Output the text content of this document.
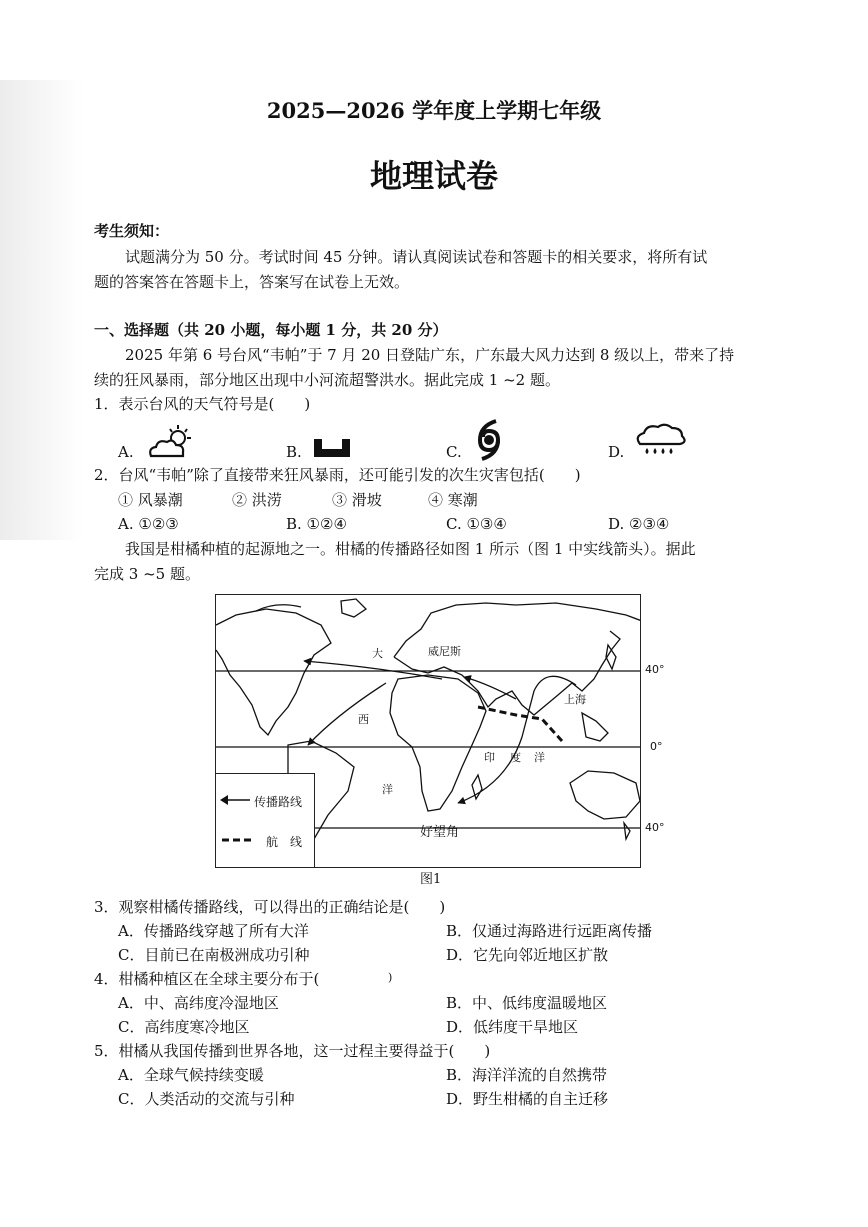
2025—2026 学年度上学期七年级
地理试卷
考生须知：
试题满分为 50 分。考试时间 45 分钟。请认真阅读试卷和答题卡的相关要求，将所有试
题的答案答在答题卡上，答案写在试卷上无效。
一、选择题（共 20 小题，每小题 1 分，共 20 分）
2025 年第 6 号台风“韦帕”于 7 月 20 日登陆广东，广东最大风力达到 8 级以上，带来了持
续的狂风暴雨，部分地区出现中小河流超警洪水。据此完成 1 ~2 题。
1．表示台风的天气符号是(　　)
A.	B.	C.	D.
2．台风“韦帕”除了直接带来狂风暴雨，还可能引发的次生灾害包括(　　)
① 风暴潮	② 洪涝	③ 滑坡	④ 寒潮
A. ①②③	B. ①②④	C. ①③④	D. ②③④
我国是柑橘种植的起源地之一。柑橘的传播路径如图 1 所示（图 1 中实线箭头）。据此
完成 3 ~5 题。
大	威尼斯
西
洋
印 度 洋
上海
好望角
传播路线
航　线
40°
0°
40°
图1
3．观察柑橘传播路线，可以得出的正确结论是(　　)
A．传播路线穿越了所有大洋	B．仅通过海路进行远距离传播
C．目前已在南极洲成功引种	D．它先向邻近地区扩散
4．柑橘种植区在全球主要分布于(	)
A．中、高纬度冷湿地区	B．中、低纬度温暖地区
C．高纬度寒冷地区	D．低纬度干旱地区
5．柑橘从我国传播到世界各地，这一过程主要得益于(　　)
A．全球气候持续变暖	B．海洋洋流的自然携带
C．人类活动的交流与引种	D．野生柑橘的自主迁移
